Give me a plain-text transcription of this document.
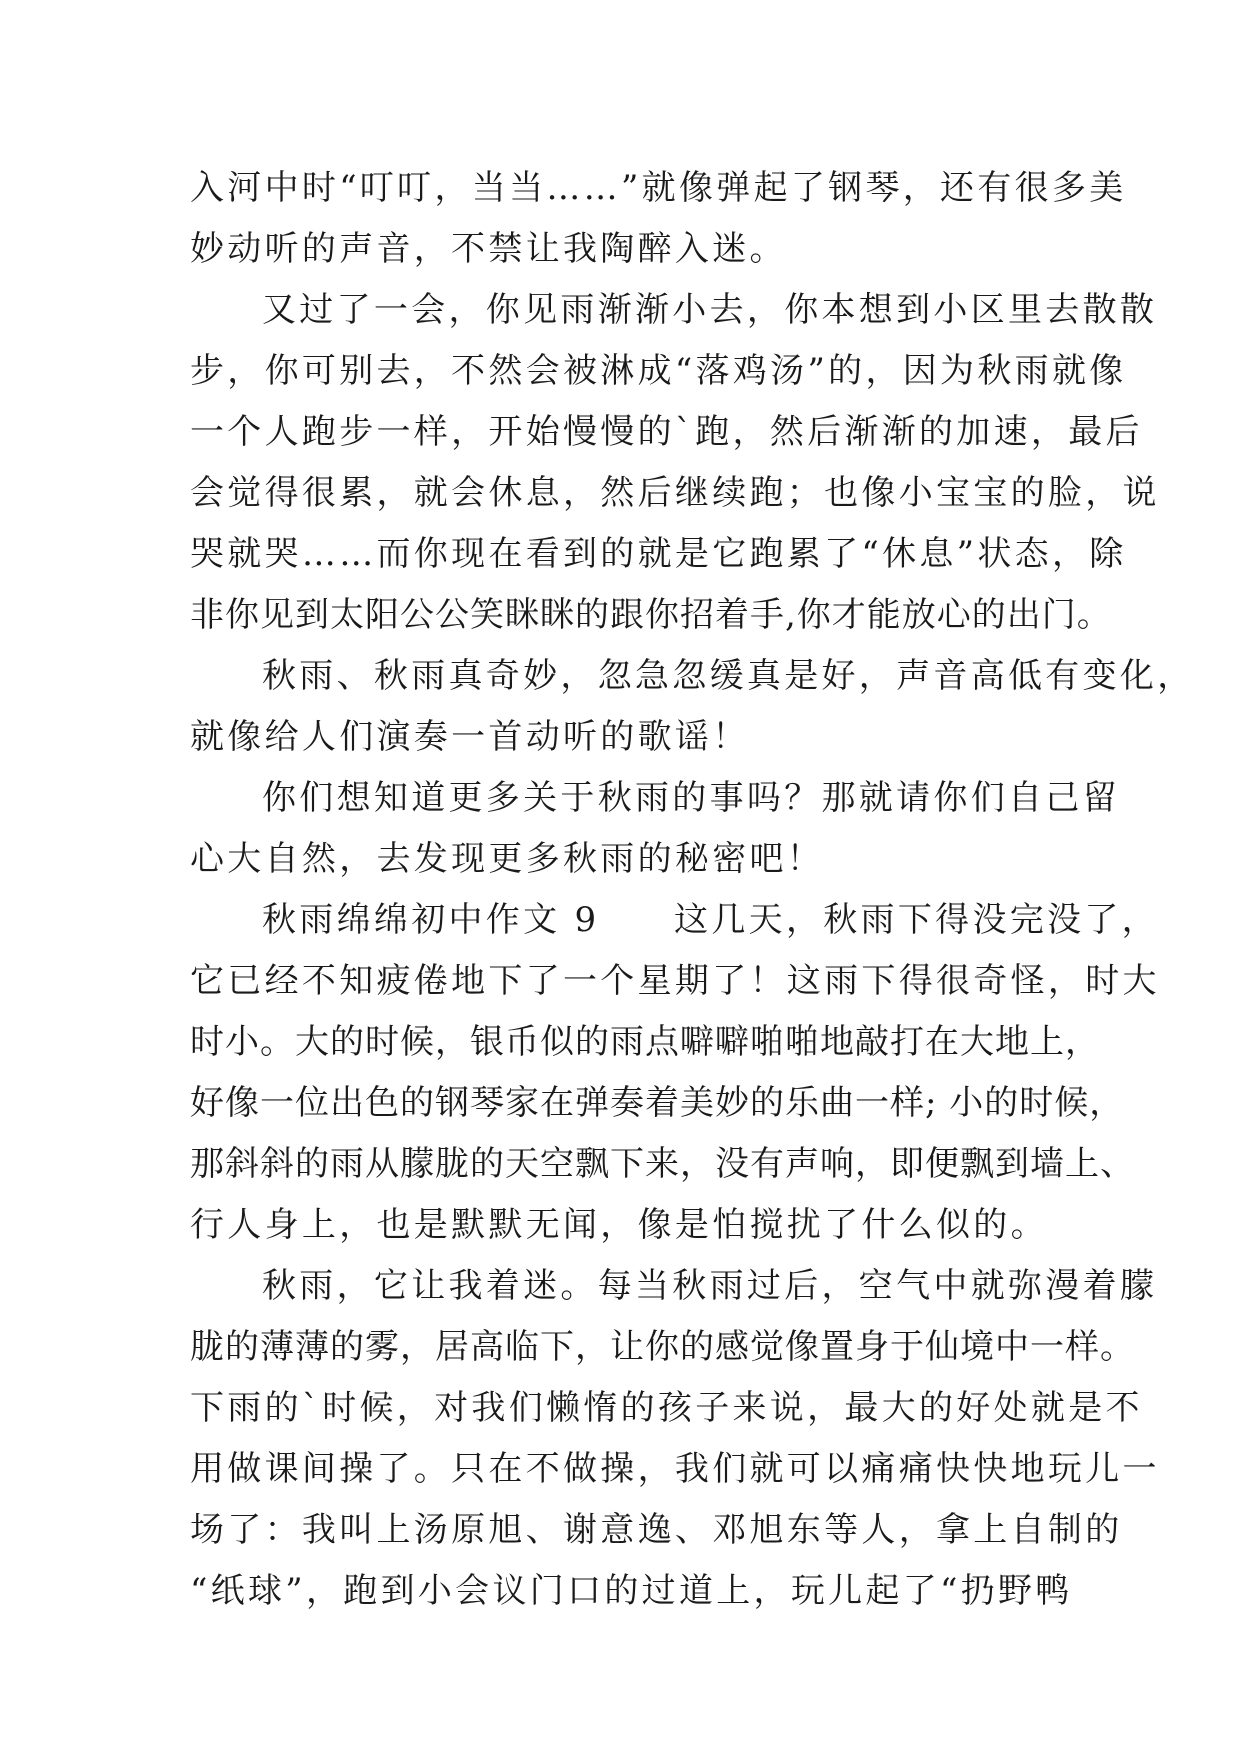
入河中时“叮叮，当当……”就像弹起了钢琴，还有很多美
妙动听的声音，不禁让我陶醉入迷。
又过了一会，你见雨渐渐小去，你本想到小区里去散散
步，你可别去，不然会被淋成“落鸡汤”的，因为秋雨就像
一个人跑步一样，开始慢慢的`跑，然后渐渐的加速，最后
会觉得很累，就会休息，然后继续跑；也像小宝宝的脸，说
哭就哭……而你现在看到的就是它跑累了“休息”状态，除
非你见到太阳公公笑眯眯的跟你招着手,你才能放心的出门。
秋雨、秋雨真奇妙，忽急忽缓真是好，声音高低有变化，
就像给人们演奏一首动听的歌谣！
你们想知道更多关于秋雨的事吗？那就请你们自己留
心大自然，去发现更多秋雨的秘密吧！
秋雨绵绵初中作文 9　　这几天，秋雨下得没完没了，
它已经不知疲倦地下了一个星期了！这雨下得很奇怪，时大
时小。大的时候，银币似的雨点噼噼啪啪地敲打在大地上，
好像一位出色的钢琴家在弹奏着美妙的乐曲一样; 小的时候，
那斜斜的雨从朦胧的天空飘下来，没有声响，即便飘到墙上、
行人身上，也是默默无闻，像是怕搅扰了什么似的。
秋雨，它让我着迷。每当秋雨过后，空气中就弥漫着朦
胧的薄薄的雾，居高临下，让你的感觉像置身于仙境中一样。
下雨的`时候，对我们懒惰的孩子来说，最大的好处就是不
用做课间操了。只在不做操，我们就可以痛痛快快地玩儿一
场了：我叫上汤原旭、谢意逸、邓旭东等人，拿上自制的
“纸球”，跑到小会议门口的过道上，玩儿起了“扔野鸭
